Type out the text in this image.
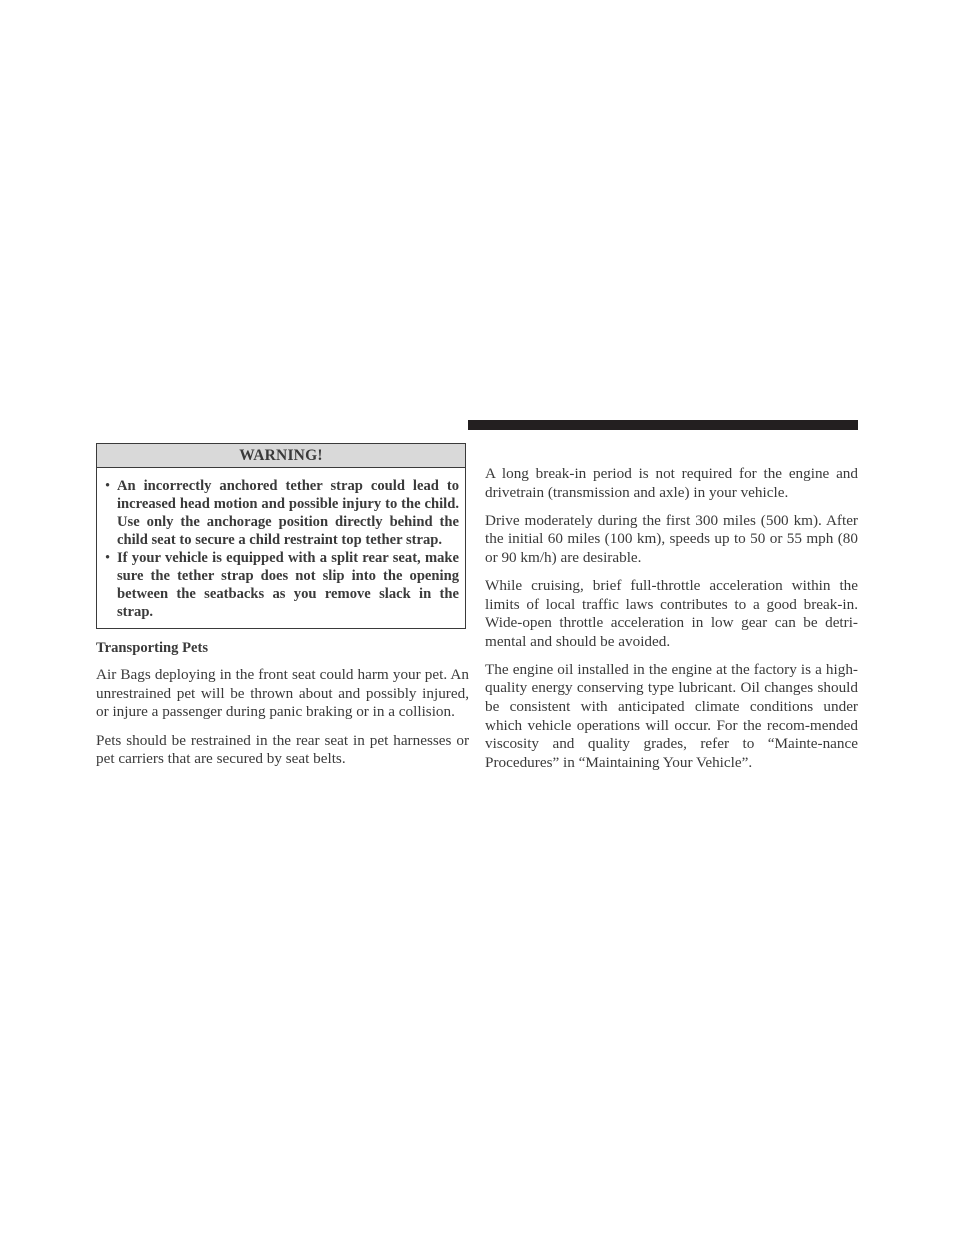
WARNING!
• An incorrectly anchored tether strap could lead to increased head motion and possible injury to the child. Use only the anchorage position directly behind the child seat to secure a child restraint top tether strap.
• If your vehicle is equipped with a split rear seat, make sure the tether strap does not slip into the opening between the seatbacks as you remove slack in the strap.
Transporting Pets

Air Bags deploying in the front seat could harm your pet. An unrestrained pet will be thrown about and possibly injured, or injure a passenger during panic braking or in a collision.

Pets should be restrained in the rear seat in pet harnesses or pet carriers that are secured by seat belts.

A long break-in period is not required for the engine and drivetrain (transmission and axle) in your vehicle.

Drive moderately during the first 300 miles (500 km). After the initial 60 miles (100 km), speeds up to 50 or 55 mph (80 or 90 km/h) are desirable.

While cruising, brief full-throttle acceleration within the limits of local traffic laws contributes to a good break-in. Wide-open throttle acceleration in low gear can be detri-mental and should be avoided.

The engine oil installed in the engine at the factory is a high-quality energy conserving type lubricant. Oil changes should be consistent with anticipated climate conditions under which vehicle operations will occur. For the recom-mended viscosity and quality grades, refer to “Mainte-nance Procedures” in “Maintaining Your Vehicle”.
